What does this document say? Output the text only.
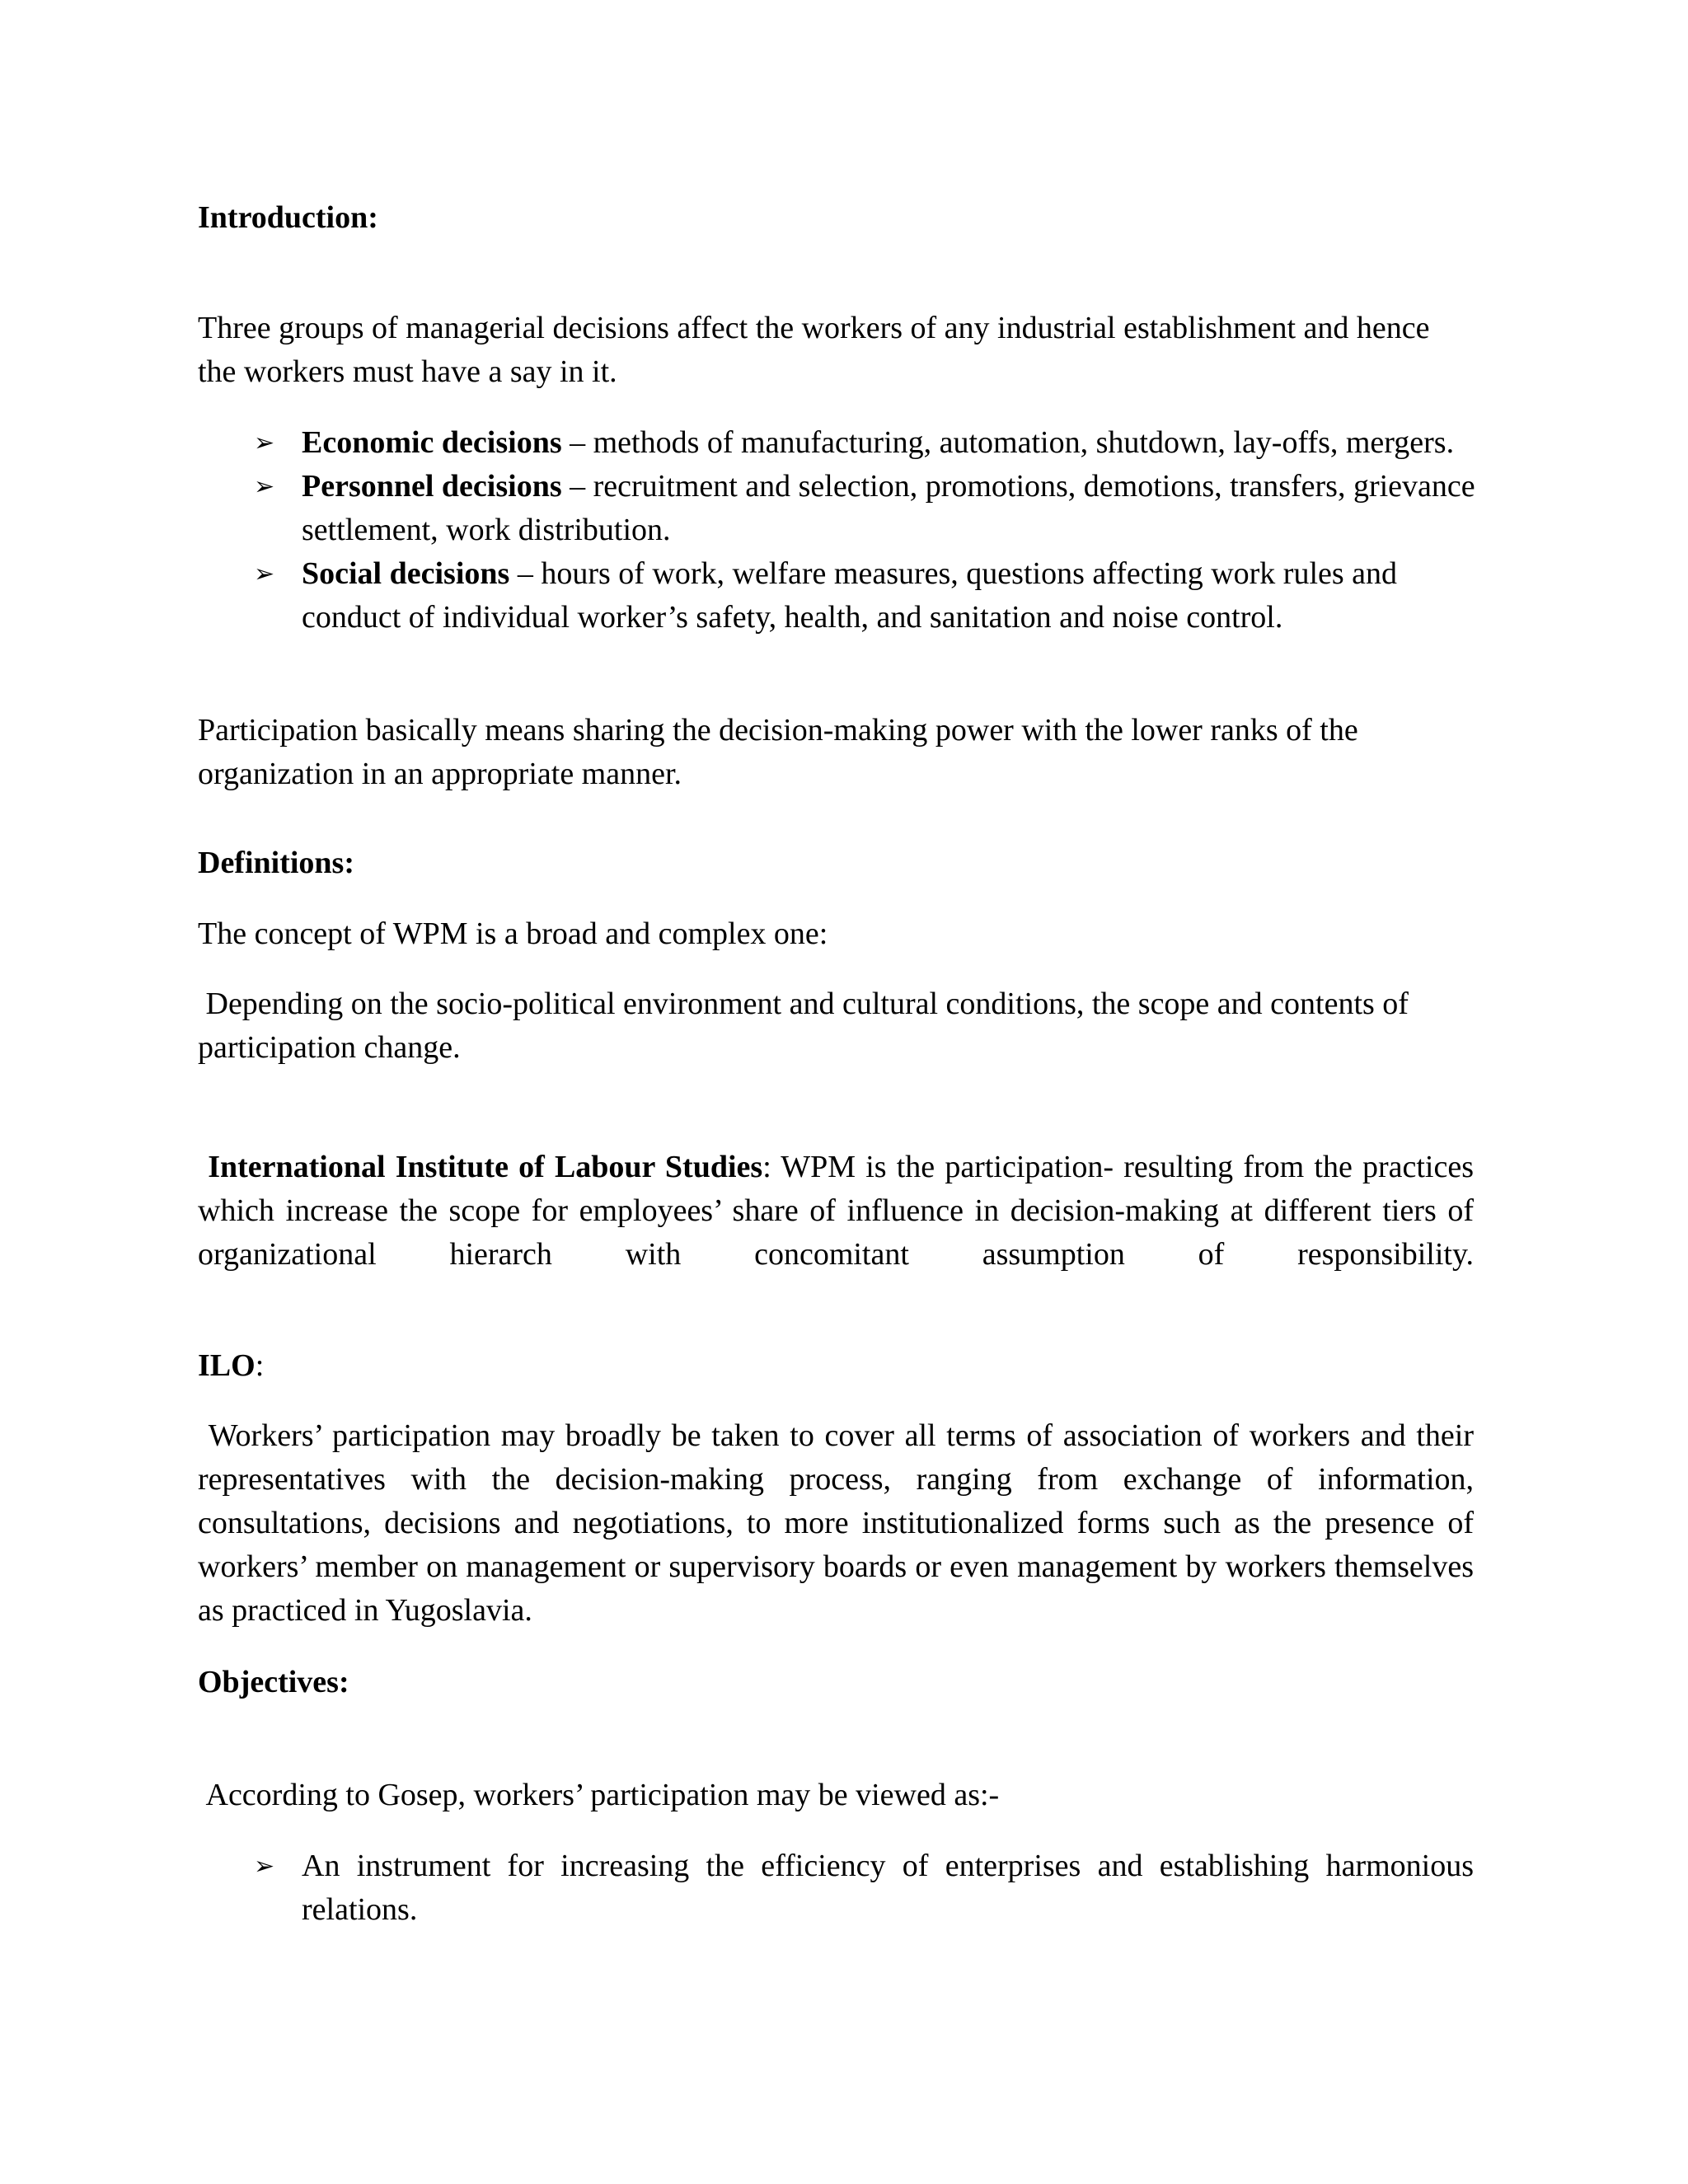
Introduction:

Three groups of managerial decisions affect the workers of any industrial establishment and hence the workers must have a say in it.

➢ Economic decisions – methods of manufacturing, automation, shutdown, lay-offs, mergers.
➢ Personnel decisions – recruitment and selection, promotions, demotions, transfers, grievance settlement, work distribution.
➢ Social decisions – hours of work, welfare measures, questions affecting work rules and conduct of individual worker’s safety, health, and sanitation and noise control.

Participation basically means sharing the decision-making power with the lower ranks of the organization in an appropriate manner.

Definitions:

The concept of WPM is a broad and complex one:

Depending on the socio-political environment and cultural conditions, the scope and contents of participation change.

International Institute of Labour Studies: WPM is the participation- resulting from the practices which increase the scope for employees’ share of influence in decision-making at different tiers of organizational hierarch with concomitant assumption of responsibility.

ILO:

Workers’ participation may broadly be taken to cover all terms of association of workers and their representatives with the decision-making process, ranging from exchange of information, consultations, decisions and negotiations, to more institutionalized forms such as the presence of workers’ member on management or supervisory boards or even management by workers themselves as practiced in Yugoslavia.

Objectives:

According to Gosep, workers’ participation may be viewed as:-

➢ An instrument for increasing the efficiency of enterprises and establishing harmonious relations.
